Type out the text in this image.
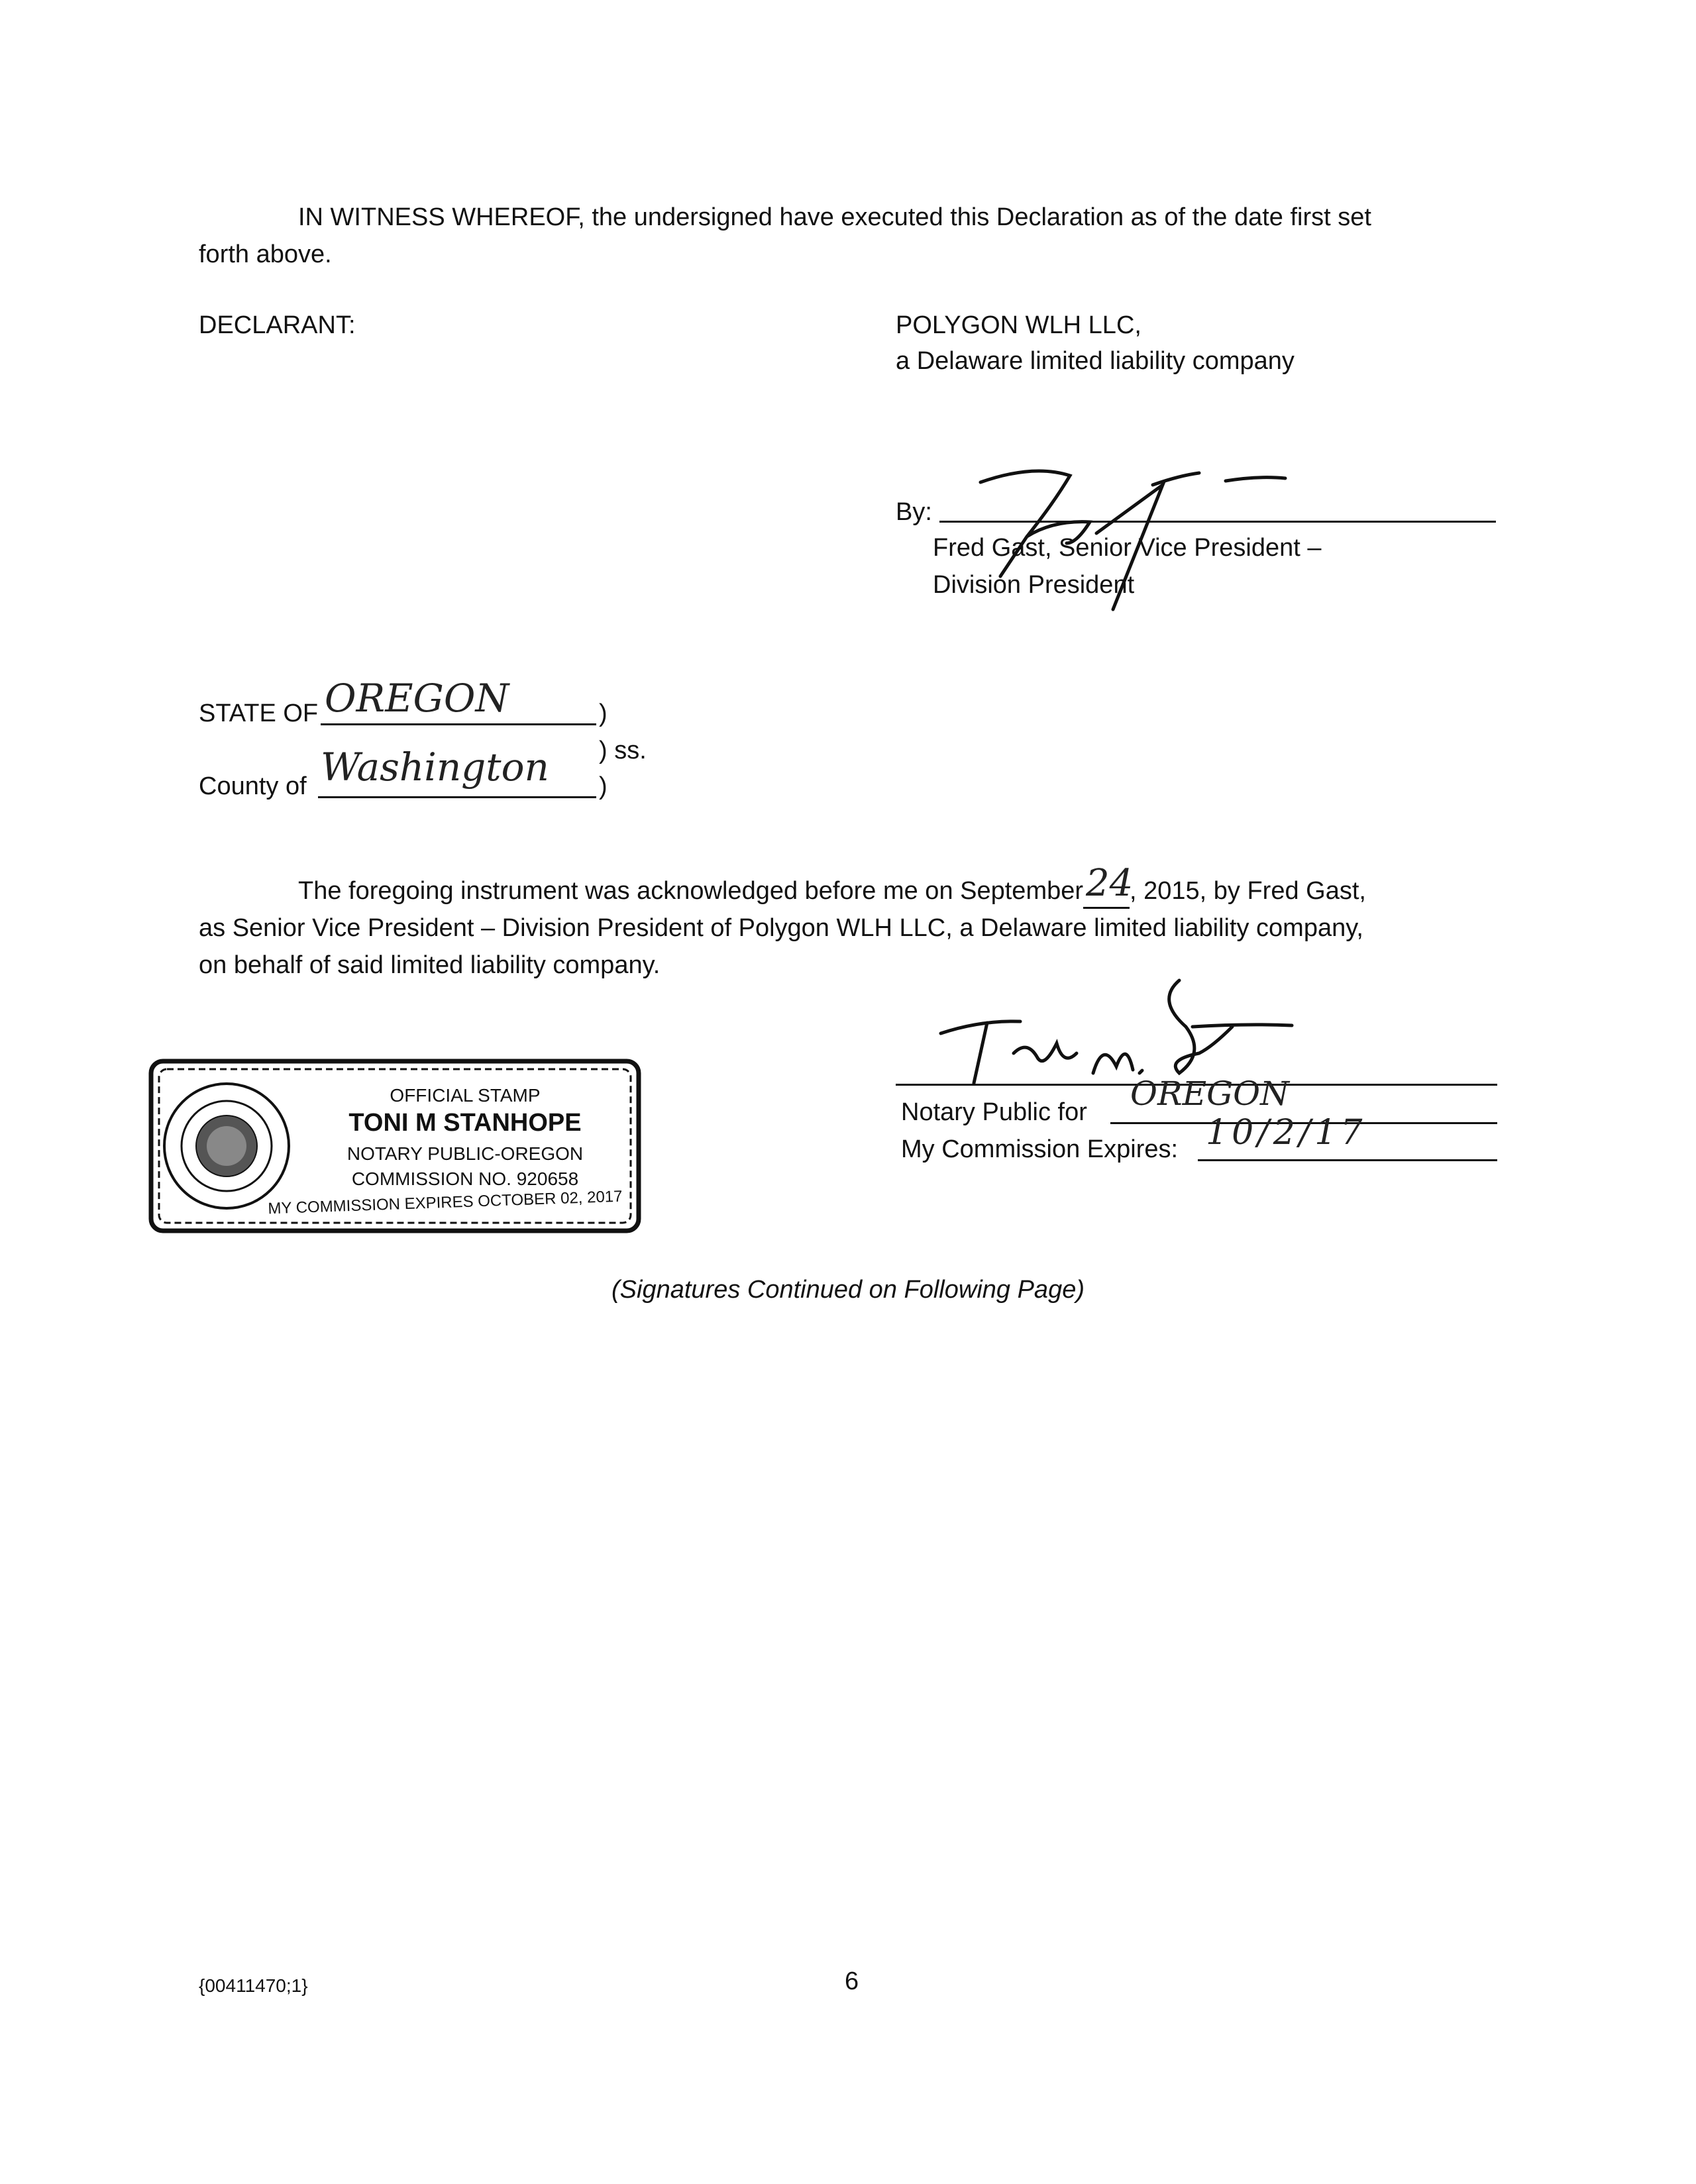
IN WITNESS WHEREOF, the undersigned have executed this Declaration as of the date first set
forth above.
DECLARANT:	POLYGON WLH LLC,
a Delaware limited liability company
By:
Fred Gast, Senior Vice President –
Division President
STATE OF OREGON	)
) ss.
County of Washington )
The foregoing instrument was acknowledged before me on September 24
, 2015, by Fred Gast,
as Senior Vice President – Division President of Polygon WLH LLC, a Delaware limited liability company,
on behalf of said limited liability company.
OFFICIAL STAMP
TONI M STANHOPE
NOTARY PUBLIC-OREGON
COMMISSION NO. 920658
MY COMMISSION EXPIRES OCTOBER 02, 2017
Notary Public for OREGON
My Commission Expires: 10/2/17
(Signatures Continued on Following Page)
{00411470;1}	6
